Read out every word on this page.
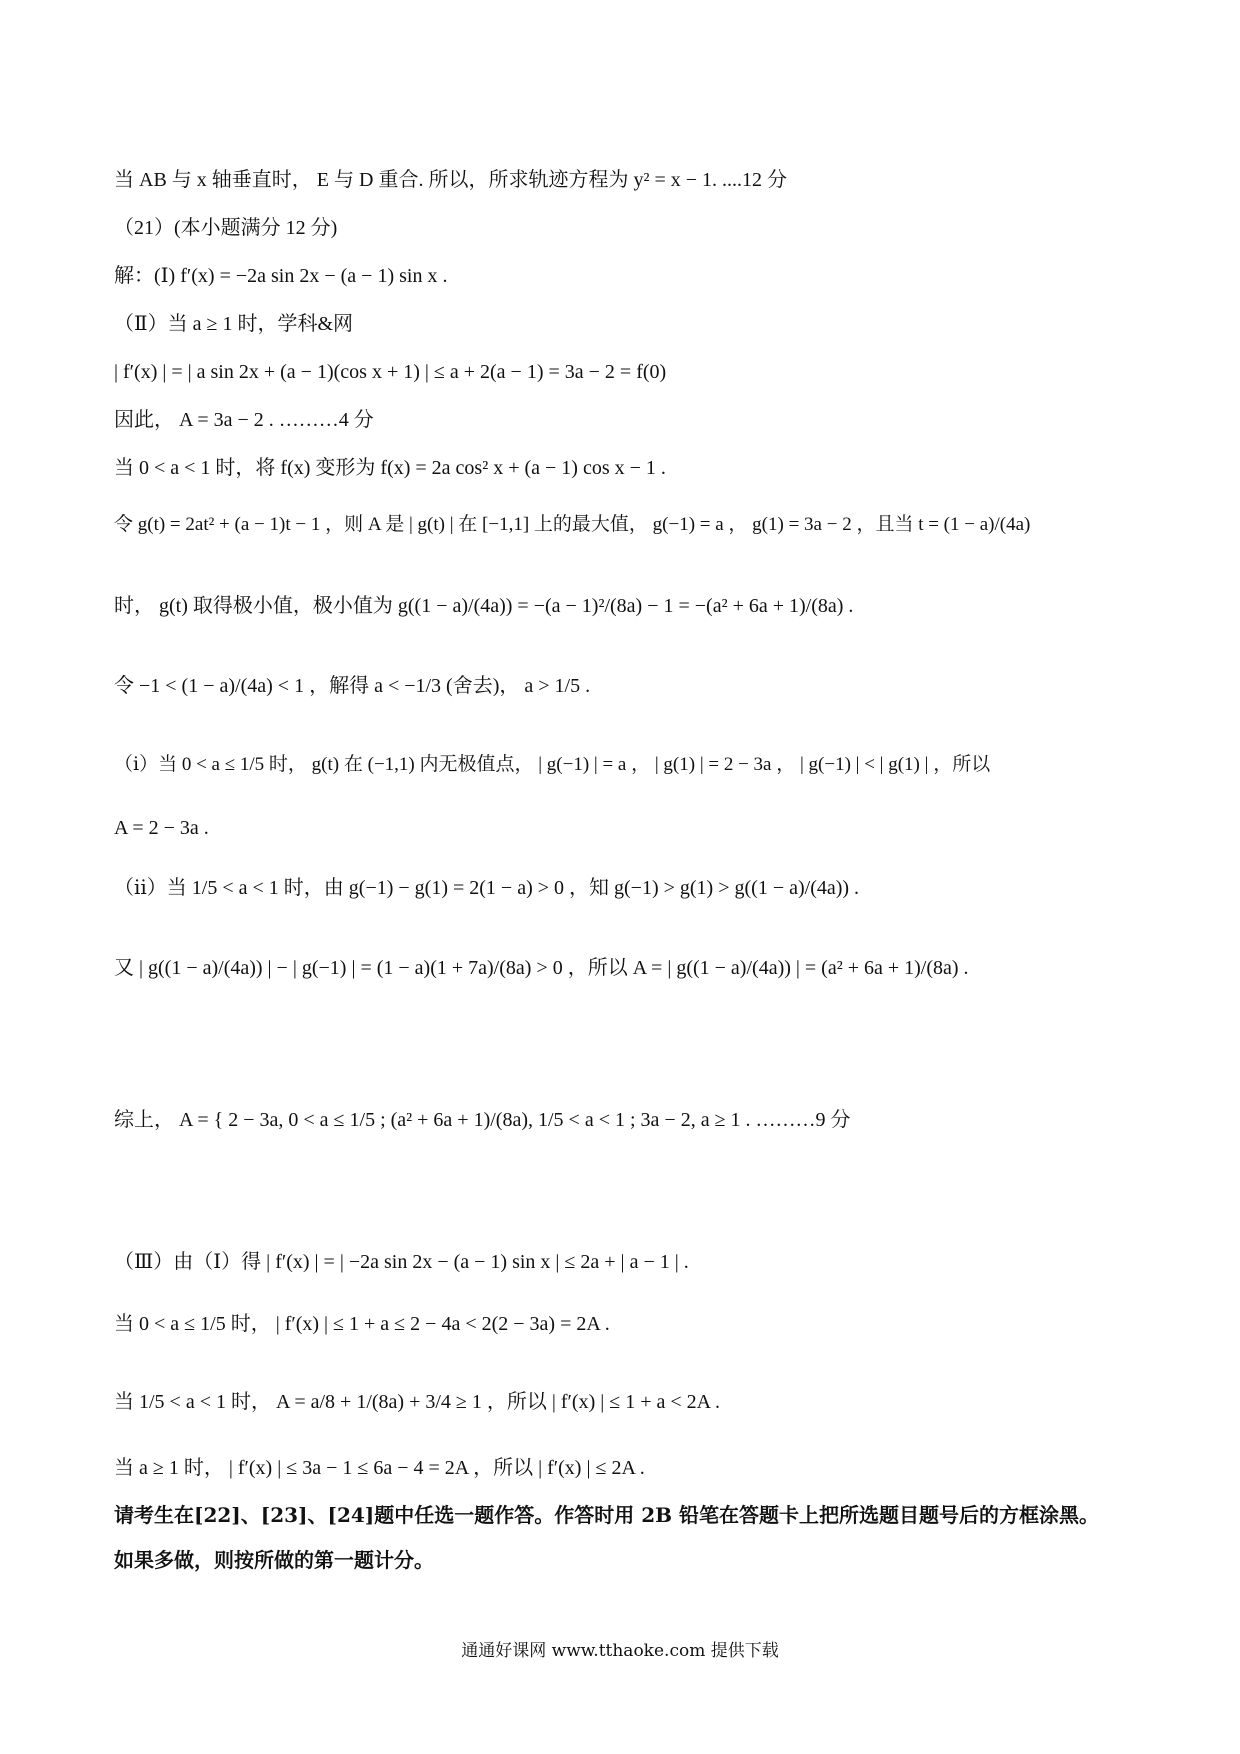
当 AB 与 x 轴垂直时， E 与 D 重合. 所以，所求轨迹方程为 y² = x − 1. ....12 分
（21）(本小题满分 12 分)
解：(Ⅰ) f′(x) = −2a sin 2x − (a − 1) sin x .
（Ⅱ）当 a ≥ 1 时，学科&网
| f′(x) | = | a sin 2x + (a − 1)(cos x + 1) | ≤ a + 2(a − 1) = 3a − 2 = f(0)
因此， A = 3a − 2 . ………4 分
当 0 < a < 1 时，将 f(x) 变形为 f(x) = 2a cos² x + (a − 1) cos x − 1 .
令 g(t) = 2at² + (a − 1)t − 1 ，则 A 是 | g(t) | 在 [−1,1] 上的最大值， g(−1) = a ， g(1) = 3a − 2 ，且当 t = (1 − a)/(4a)
时， g(t) 取得极小值，极小值为 g((1 − a)/(4a)) = −(a − 1)²/(8a) − 1 = −(a² + 6a + 1)/(8a) .
令 −1 < (1 − a)/(4a) < 1 ，解得 a < −1/3 (舍去)， a > 1/5 .
（ⅰ）当 0 < a ≤ 1/5 时， g(t) 在 (−1,1) 内无极值点， | g(−1) | = a ， | g(1) | = 2 − 3a ， | g(−1) | < | g(1) | ，所以
A = 2 − 3a .
（ⅱ）当 1/5 < a < 1 时，由 g(−1) − g(1) = 2(1 − a) > 0 ，知 g(−1) > g(1) > g((1 − a)/(4a)) .
又 | g((1 − a)/(4a)) | − | g(−1) | = (1 − a)(1 + 7a)/(8a) > 0 ，所以 A = | g((1 − a)/(4a)) | = (a² + 6a + 1)/(8a) .
综上， A = { 2 − 3a, 0 < a ≤ 1/5 ; (a² + 6a + 1)/(8a), 1/5 < a < 1 ; 3a − 2, a ≥ 1 . ………9 分
（Ⅲ）由（Ⅰ）得 | f′(x) | = | −2a sin 2x − (a − 1) sin x | ≤ 2a + | a − 1 | .
当 0 < a ≤ 1/5 时， | f′(x) | ≤ 1 + a ≤ 2 − 4a < 2(2 − 3a) = 2A .
当 1/5 < a < 1 时， A = a/8 + 1/(8a) + 3/4 ≥ 1 ，所以 | f′(x) | ≤ 1 + a < 2A .
当 a ≥ 1 时， | f′(x) | ≤ 3a − 1 ≤ 6a − 4 = 2A ，所以 | f′(x) | ≤ 2A .
请考生在[22]、[23]、[24]题中任选一题作答。作答时用 2B 铅笔在答题卡上把所选题目题号后的方框涂黑。
如果多做，则按所做的第一题计分。
通通好课网 www.tthaoke.com 提供下载
